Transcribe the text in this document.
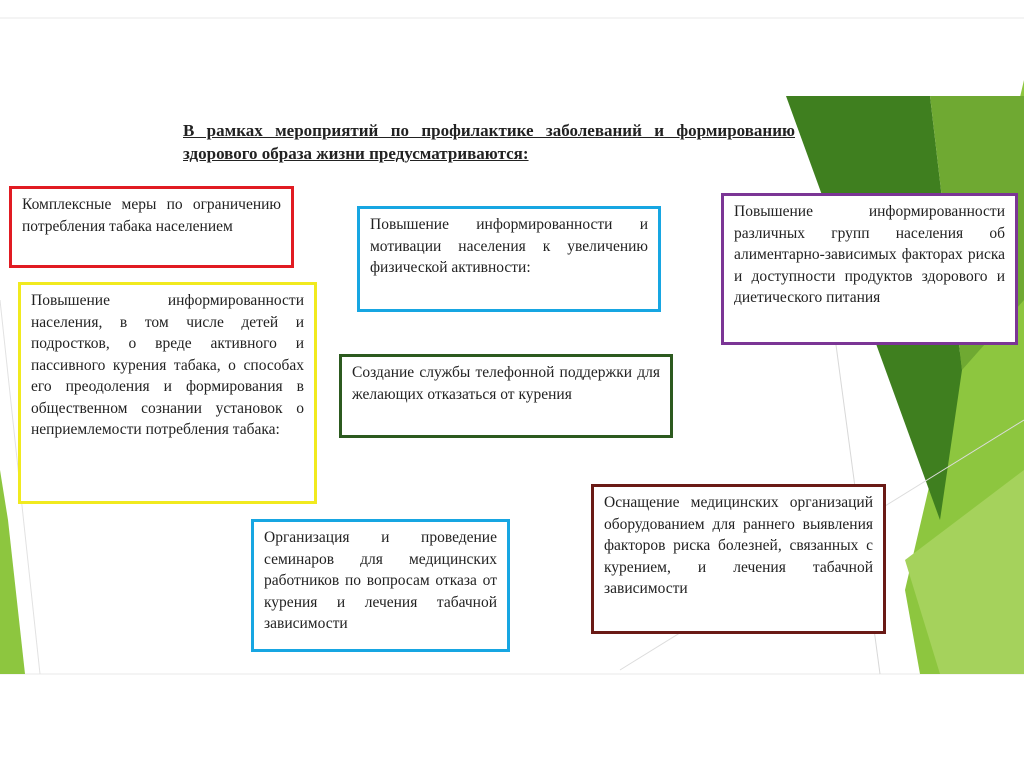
В рамках мероприятий по профилактике заболеваний и формированию здорового образа жизни предусматриваются:
Комплексные меры по ограничению потребления табака населением
Повышение информированности населения, в том числе детей и подростков, о вреде активного и пассивного курения табака, о способах его преодоления и формирования в общественном сознании установок о неприемлемости потребления табака:
Повышение информированности и мотивации населения к увеличению физической активности:
Создание службы телефонной поддержки для желающих отказаться от курения
Повышение информированности различных групп населения об алиментарно-зависимых факторах риска и доступности продуктов здорового и диетического питания
Организация и проведение семинаров для медицинских работников по вопросам отказа от курения и лечения табачной зависимости
Оснащение медицинских организаций оборудованием для раннего выявления факторов риска болезней, связанных с курением, и лечения табачной зависимости
